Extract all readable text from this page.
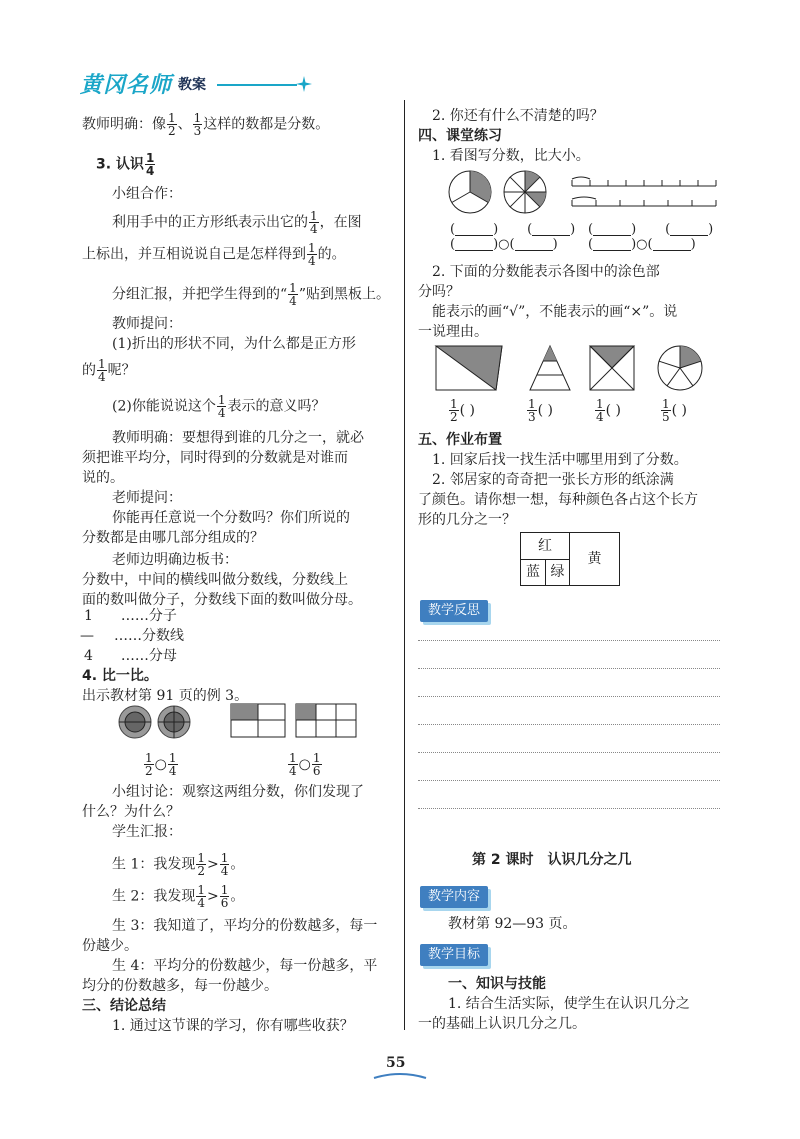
黄冈名师 教案
教师明确：像 $\frac{1}{2}$ 、 $\frac{1}{3}$ 这样的数都是分数。
3. 认识 $\frac{1}{4}$
小组合作：
利用手中的正方形纸表示出它的 $\frac{1}{4}$ ，在图
上标出，并互相说说自己是怎样得到 $\frac{1}{4}$ 的。
分组汇报，并把学生得到的“ $\frac{1}{4}$ ”贴到黑板上。
教师提问：
(1)折出的形状不同，为什么都是正方形
的 $\frac{1}{4}$ 呢？
(2)你能说说这个 $\frac{1}{4}$ 表示的意义吗？
教师明确：要想得到谁的几分之一，就必
须把谁平均分，同时得到的分数就是对谁而
说的。
老师提问：
你能再任意说一个分数吗？你们所说的
分数都是由哪几部分组成的？
老师边明确边板书：
分数中，中间的横线叫做分数线，分数线上
面的数叫做分子，分数线下面的数叫做分母。
1 ……分子
— ……分数线
4 ……分母
4. 比一比。
出示教材第 91 页的例 3。
$\frac{1}{2}$ ○ $\frac{1}{4}$	$\frac{1}{4}$ ○ $\frac{1}{6}$
小组讨论：观察这两组分数，你们发现了
什么？为什么？
学生汇报：
生 1：我发现 $\frac{1}{2} > \frac{1}{4}$ 。
生 2：我发现 $\frac{1}{4} > \frac{1}{6}$ 。
生 3：我知道了，平均分的份数越多，每一
份越少。
生 4：平均分的份数越少，每一份越多，平
均分的份数越多，每一份越少。
三、结论总结
1. 通过这节课的学习，你有哪些收获？
2. 你还有什么不清楚的吗？
四、课堂练习
1. 看图写分数，比大小。
(	) (	)
(	)○(	)
(	) (	)
(	)○(	)
2. 下面的分数能表示各图中的涂色部
分吗？
能表示的画“√”，不能表示的画“×”。说
一说理由。
$\frac{1}{2}$ ( )	$\frac{1}{3}$ ( )	$\frac{1}{4}$ ( )	$\frac{1}{5}$ ( )
五、作业布置
1. 回家后找一找生活中哪里用到了分数。
2. 邻居家的奇奇把一张长方形的纸涂满
了颜色。请你想一想，每种颜色各占这个长方
形的几分之一？
红
蓝 绿
黄
教学反思
第 2 课时　认识几分之几
教学内容
教材第 92—93 页。
教学目标
一、知识与技能
1. 结合生活实际，使学生在认识几分之
一的基础上认识几分之几。
55
